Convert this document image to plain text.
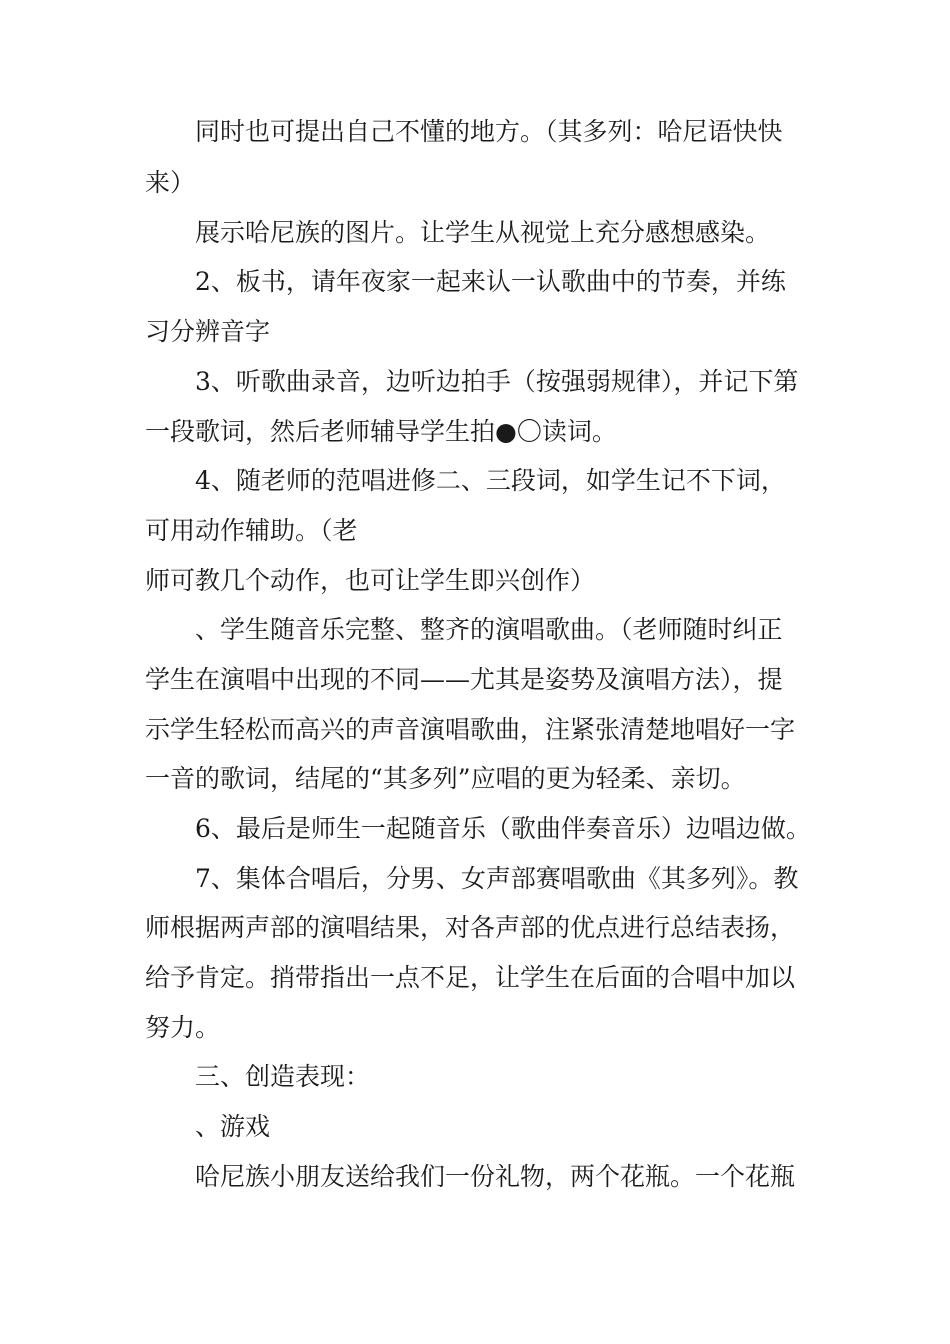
同时也可提出自己不懂的地方。（其多列：哈尼语快快
来）
展示哈尼族的图片。让学生从视觉上充分感想感染。
2、板书，请年夜家一起来认一认歌曲中的节奏，并练
习分辨音字
3、听歌曲录音，边听边拍手（按强弱规律），并记下第
一段歌词，然后老师辅导学生拍●〇读词。
4、随老师的范唱进修二、三段词，如学生记不下词，
可用动作辅助。（老
师可教几个动作，也可让学生即兴创作）
、学生随音乐完整、整齐的演唱歌曲。（老师随时纠正
学生在演唱中出现的不同——尤其是姿势及演唱方法），提
示学生轻松而高兴的声音演唱歌曲，注紧张清楚地唱好一字
一音的歌词，结尾的“其多列”应唱的更为轻柔、亲切。
6、最后是师生一起随音乐（歌曲伴奏音乐）边唱边做。
7、集体合唱后，分男、女声部赛唱歌曲《其多列》。教
师根据两声部的演唱结果，对各声部的优点进行总结表扬，
给予肯定。捎带指出一点不足，让学生在后面的合唱中加以
努力。
三、创造表现：
、游戏
哈尼族小朋友送给我们一份礼物，两个花瓶。一个花瓶
